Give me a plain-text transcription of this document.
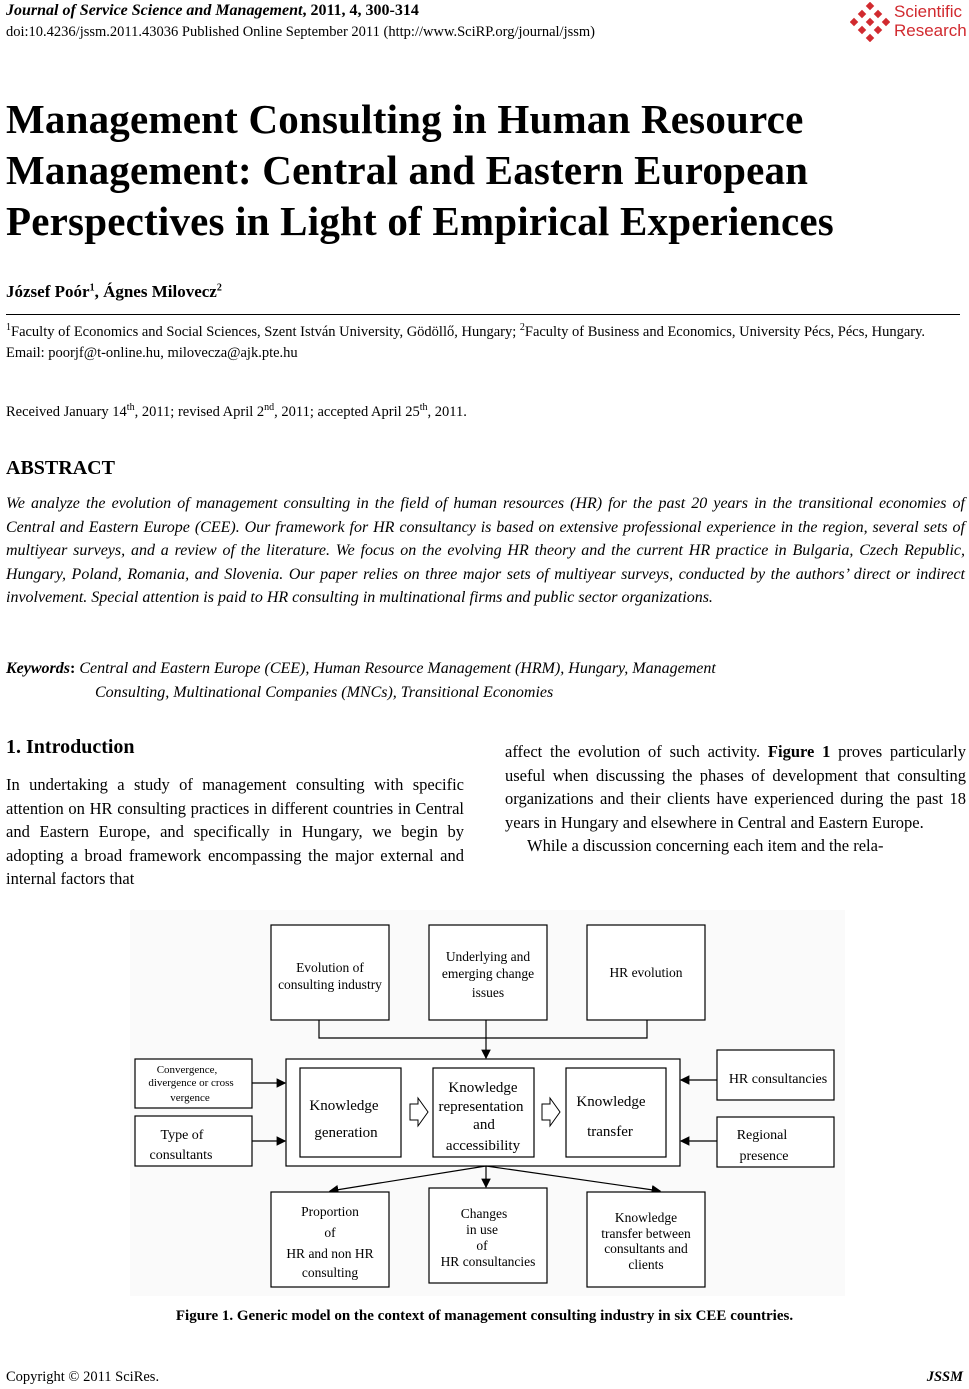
Journal of Service Science and Management, 2011, 4, 300-314
doi:10.4236/jssm.2011.43036 Published Online September 2011 (http://www.SciRP.org/journal/jssm)
Scientific
Research
Management Consulting in Human Resource
Management: Central and Eastern European
Perspectives in Light of Empirical Experiences
József Poór$^1$, Ágnes Milovecz$^2$

$^1$Faculty of Economics and Social Sciences, Szent István University, Gödöllő, Hungary; $^2$Faculty of Business and Economics, University Pécs, Pécs, Hungary.

Email: poorjf@t-online.hu, milovecza@ajk.pte.hu

Received January 14th, 2011; revised April 2nd, 2011; accepted April 25th, 2011.
ABSTRACT
We analyze the evolution of management consulting in the field of human resources (HR) for the past 20 years in the transitional economies of Central and Eastern Europe (CEE). Our framework for HR consultancy is based on extensive professional experience in the region, several sets of multiyear surveys, and a review of the literature. We focus on the evolving HR theory and the current HR practice in Bulgaria, Czech Republic, Hungary, Poland, Romania, and Slovenia. Our paper relies on three major sets of multiyear surveys, conducted by the authors’ direct or indirect involvement. Special attention is paid to HR consulting in multinational firms and public sector organizations.
Keywords: Central and Eastern Europe (CEE), Human Resource Management (HRM), Hungary, Management
Consulting, Multinational Companies (MNCs), Transitional Economies
1. Introduction
In undertaking a study of management consulting with specific attention on HR consulting practices in different countries in Central and Eastern Europe, and specifically in Hungary, we begin by adopting a broad framework encompassing the major external and internal factors that

affect the evolution of such activity. Figure 1 proves particularly useful when discussing the phases of development that consulting organizations and their clients have experienced during the past 18 years in Hungary and elsewhere in Central and Eastern Europe.

While a discussion concerning each item and the rela-

Evolution of
consulting industry
Underlying and
emerging change
issues
HR evolution
Knowledge
generation
Knowledge
representation
and
accessibility
Knowledge
transfer
Convergence,
divergence or cross
vergence
Type of
consultants
HR consultancies
Regional
presence
Proportion
of
HR and non HR
consulting
Changes
in use
of
HR consultancies
Knowledge
transfer between
consultants and
clients
Figure 1. Generic model on the context of management consulting industry in six CEE countries.
Copyright © 2011 SciRes.	JSSM
